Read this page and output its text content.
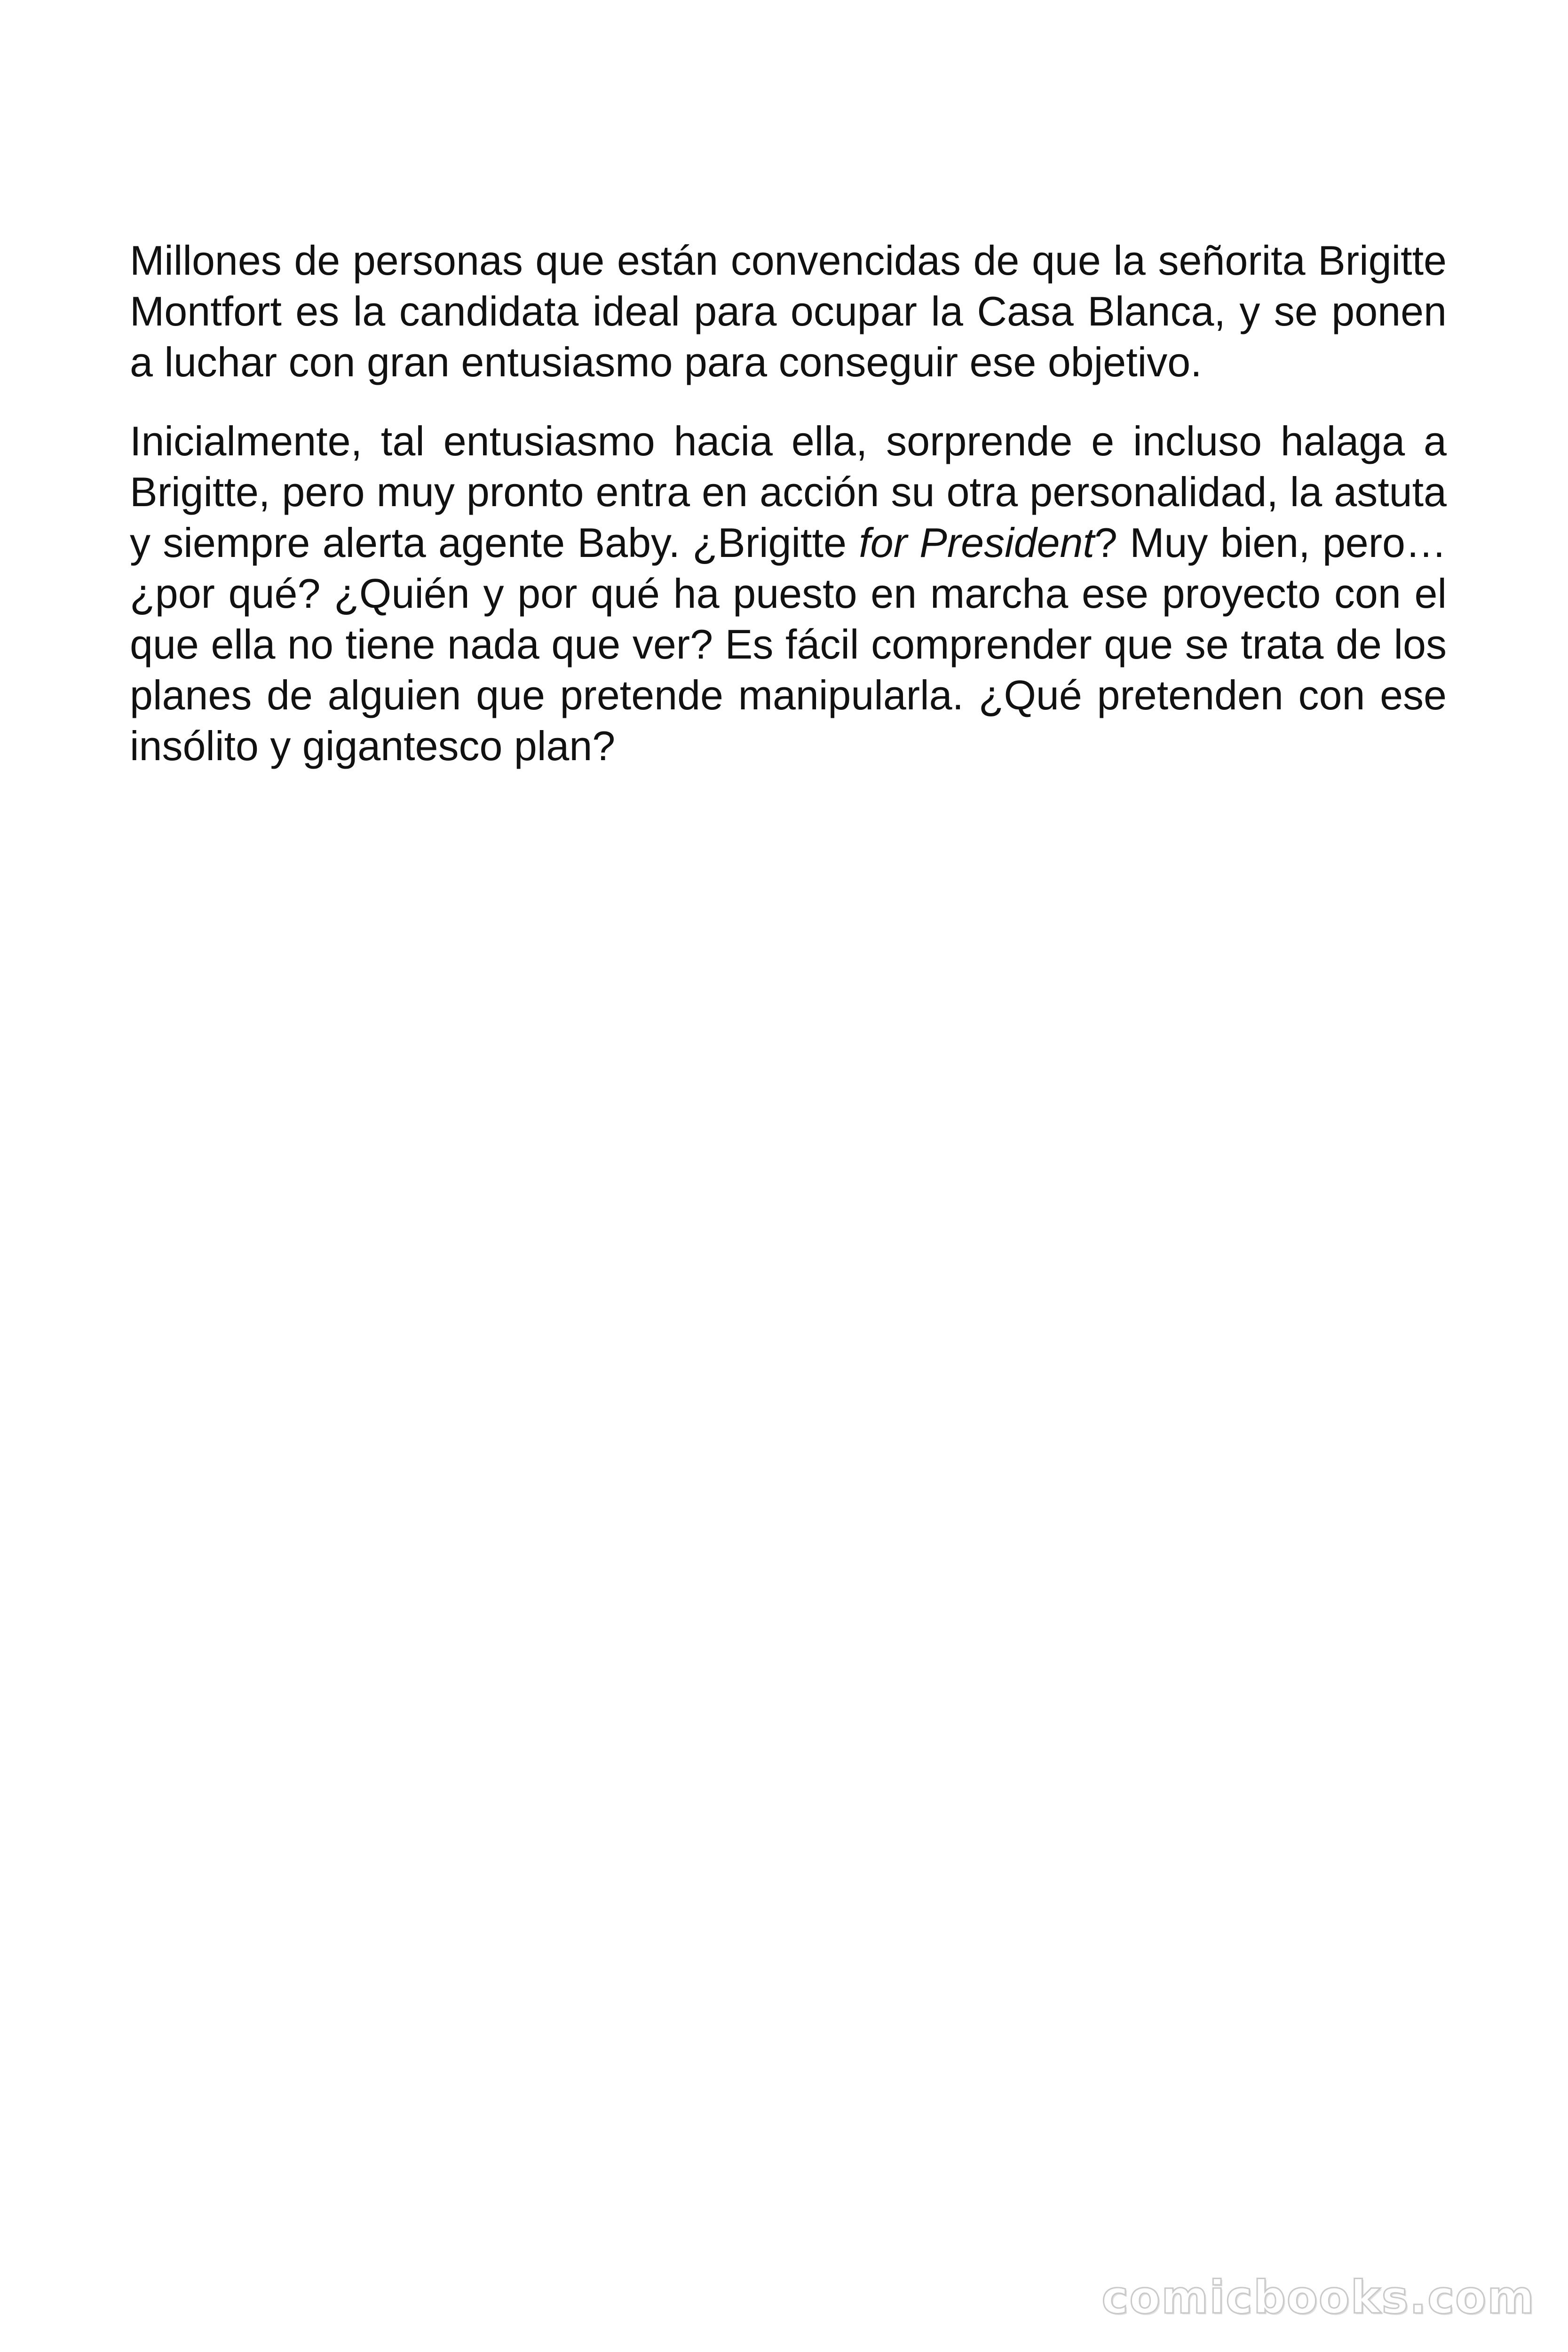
Millones de personas que están convencidas de que la señorita Brigitte Montfort es la candidata ideal para ocupar la Casa Blanca, y se ponen a luchar con gran entusiasmo para conseguir ese objetivo.

Inicialmente, tal entusiasmo hacia ella, sorprende e incluso halaga a Brigitte, pero muy pronto entra en acción su otra personalidad, la astuta y siempre alerta agente Baby. ¿Brigitte for President? Muy bien, pero… ¿por qué? ¿Quién y por qué ha puesto en marcha ese proyecto con el que ella no tiene nada que ver? Es fácil comprender que se trata de los planes de alguien que pretende manipularla. ¿Qué pretenden con ese insólito y gigantesco plan?

comicbooks.com
